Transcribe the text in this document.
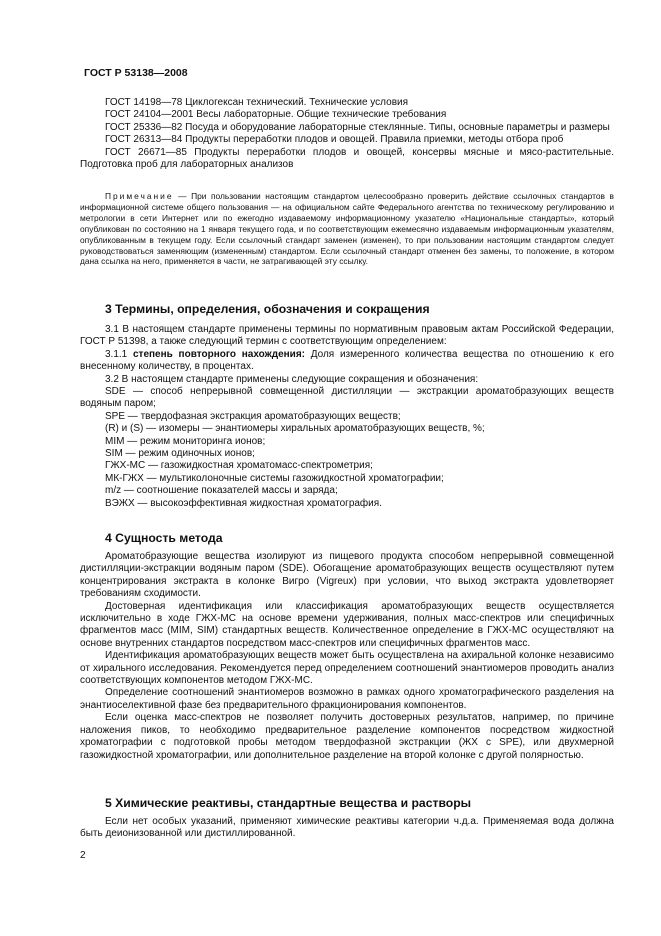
ГОСТ Р 53138—2008

ГОСТ 14198—78 Циклогексан технический. Технические условия

ГОСТ 24104—2001 Весы лабораторные. Общие технические требования

ГОСТ 25336—82 Посуда и оборудование лабораторные стеклянные. Типы, основные параметры и размеры

ГОСТ 26313—84 Продукты переработки плодов и овощей. Правила приемки, методы отбора проб

ГОСТ 26671—85 Продукты переработки плодов и овощей, консервы мясные и мясо-растительные. Подготовка проб для лабораторных анализов

Примечание — При пользовании настоящим стандартом целесообразно проверить действие ссылочных стандартов в информационной системе общего пользования — на официальном сайте Федерального агентства по техническому регулированию и метрологии в сети Интернет или по ежегодно издаваемому информационному указателю «Национальные стандарты», который опубликован по состоянию на 1 января текущего года, и по соответствующим ежемесячно издаваемым информационным указателям, опубликованным в текущем году. Если ссылочный стандарт заменен (изменен), то при пользовании настоящим стандартом следует руководствоваться заменяющим (измененным) стандартом. Если ссылочный стандарт отменен без замены, то положение, в котором дана ссылка на него, применяется в части, не затрагивающей эту ссылку.

3 Термины, определения, обозначения и сокращения

3.1 В настоящем стандарте применены термины по нормативным правовым актам Российской Федерации, ГОСТ Р 51398, а также следующий термин с соответствующим определением:

3.1.1 степень повторного нахождения: Доля измеренного количества вещества по отношению к его внесенному количеству, в процентах.

3.2 В настоящем стандарте применены следующие сокращения и обозначения:

SDE — способ непрерывной совмещенной дистилляции — экстракции ароматобразующих веществ водяным паром;

SPE — твердофазная экстракция ароматобразующих веществ;

(R) и (S) — изомеры — энантиомеры хиральных ароматобразующих веществ, %;

MIM — режим мониторинга ионов;

SIM — режим одиночных ионов;

ГЖХ-МС — газожидкостная хроматомасс-спектрометрия;

МК-ГЖХ — мультиколоночные системы газожидкостной хроматографии;

m/z — соотношение показателей массы и заряда;

ВЭЖХ — высокоэффективная жидкостная хроматография.

4 Сущность метода

Ароматобразующие вещества изолируют из пищевого продукта способом непрерывной совмещенной дистилляции-экстракции водяным паром (SDE). Обогащение ароматобразующих веществ осуществляют путем концентрирования экстракта в колонке Вигро (Vigreux) при условии, что выход экстракта удовлетворяет требованиям сходимости.

Достоверная идентификация или классификация ароматобразующих веществ осуществляется исключительно в ходе ГЖХ-МС на основе времени удерживания, полных масс-спектров или специфичных фрагментов масс (MIM, SIM) стандартных веществ. Количественное определение в ГЖХ-МС осуществляют на основе внутренних стандартов посредством масс-спектров или специфичных фрагментов масс.

Идентификация ароматобразующих веществ может быть осуществлена на ахиральной колонке независимо от хирального исследования. Рекомендуется перед определением соотношений энантиомеров проводить анализ соответствующих компонентов методом ГЖХ-МС.

Определение соотношений энантиомеров возможно в рамках одного хроматографического разделения на энантиоселективной фазе без предварительного фракционирования компонентов.

Если оценка масс-спектров не позволяет получить достоверных результатов, например, по причине наложения пиков, то необходимо предварительное разделение компонентов посредством жидкостной хроматографии с подготовкой пробы методом твердофазной экстракции (ЖХ с SPE), или двухмерной газожидкостной хроматографии, или дополнительное разделение на второй колонке с другой полярностью.

5 Химические реактивы, стандартные вещества и растворы

Если нет особых указаний, применяют химические реактивы категории ч.д.а. Применяемая вода должна быть деионизованной или дистиллированной.

2
